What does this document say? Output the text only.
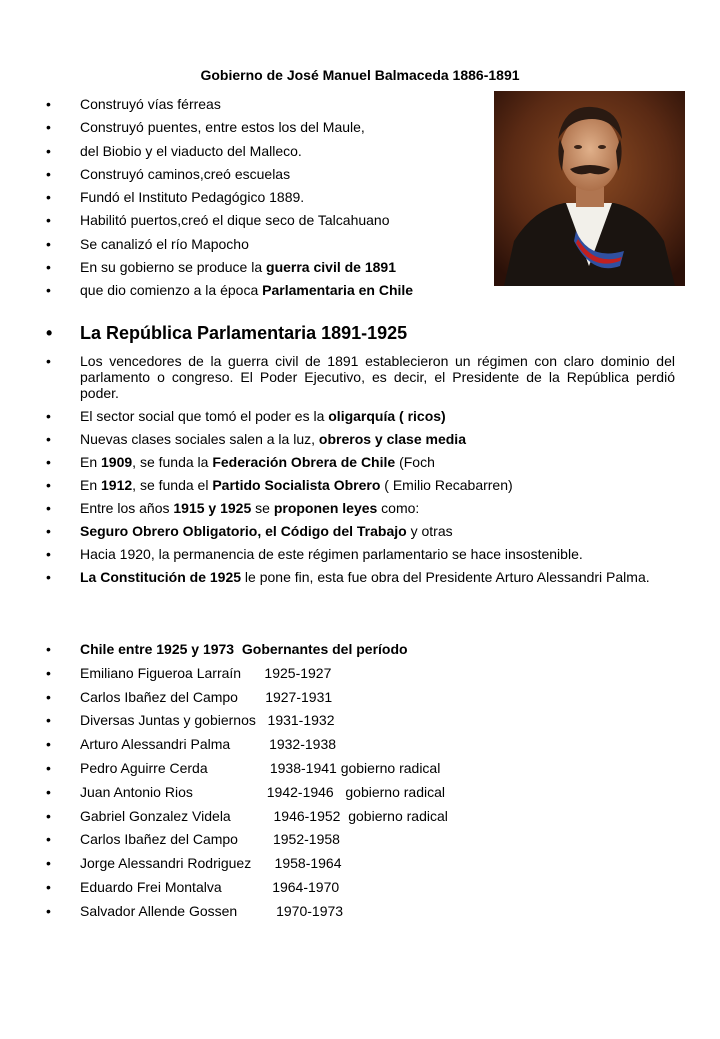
Gobierno de José Manuel Balmaceda 1886-1891
• Construyó vías férreas
• Construyó puentes, entre estos los del Maule,
• del Biobio y el viaducto del Malleco.
• Construyó caminos,creó escuelas
• Fundó el Instituto Pedagógico 1889.
• Habilitó puertos,creó el dique seco de Talcahuano
• Se canalizó el río Mapocho
• En su gobierno se produce la guerra civil de 1891
• que dio comienzo a la época Parlamentaria en Chile
• La República Parlamentaria 1891-1925
• Los vencedores de la guerra civil de 1891 establecieron un régimen con claro dominio del parlamento o congreso. El Poder Ejecutivo, es decir, el Presidente de la República perdió poder.
• El sector social que tomó el poder es la oligarquía ( ricos)
• Nuevas clases sociales salen a la luz, obreros y clase media
• En 1909, se funda la Federación Obrera de Chile (Foch
• En 1912, se funda el Partido Socialista Obrero ( Emilio Recabarren)
• Entre los años 1915 y 1925 se proponen leyes como:
• Seguro Obrero Obligatorio, el Código del Trabajo y otras
• Hacia 1920, la permanencia de este régimen parlamentario se hace insostenible.
• La Constitución de 1925 le pone fin, esta fue obra del Presidente Arturo Alessandri Palma.
• Chile entre 1925 y 1973  Gobernantes del período
• Emiliano Figueroa Larraín      1925-1927
• Carlos Ibañez del Campo       1927-1931
• Diversas Juntas y gobiernos   1931-1932
• Arturo Alessandri Palma          1932-1938
• Pedro Aguirre Cerda                1938-1941 gobierno radical
• Juan Antonio Rios                   1942-1946   gobierno radical
• Gabriel Gonzalez Videla           1946-1952  gobierno radical
• Carlos Ibañez del Campo         1952-1958
• Jorge Alessandri Rodriguez      1958-1964
• Eduardo Frei Montalva             1964-1970
• Salvador Allende Gossen          1970-1973
